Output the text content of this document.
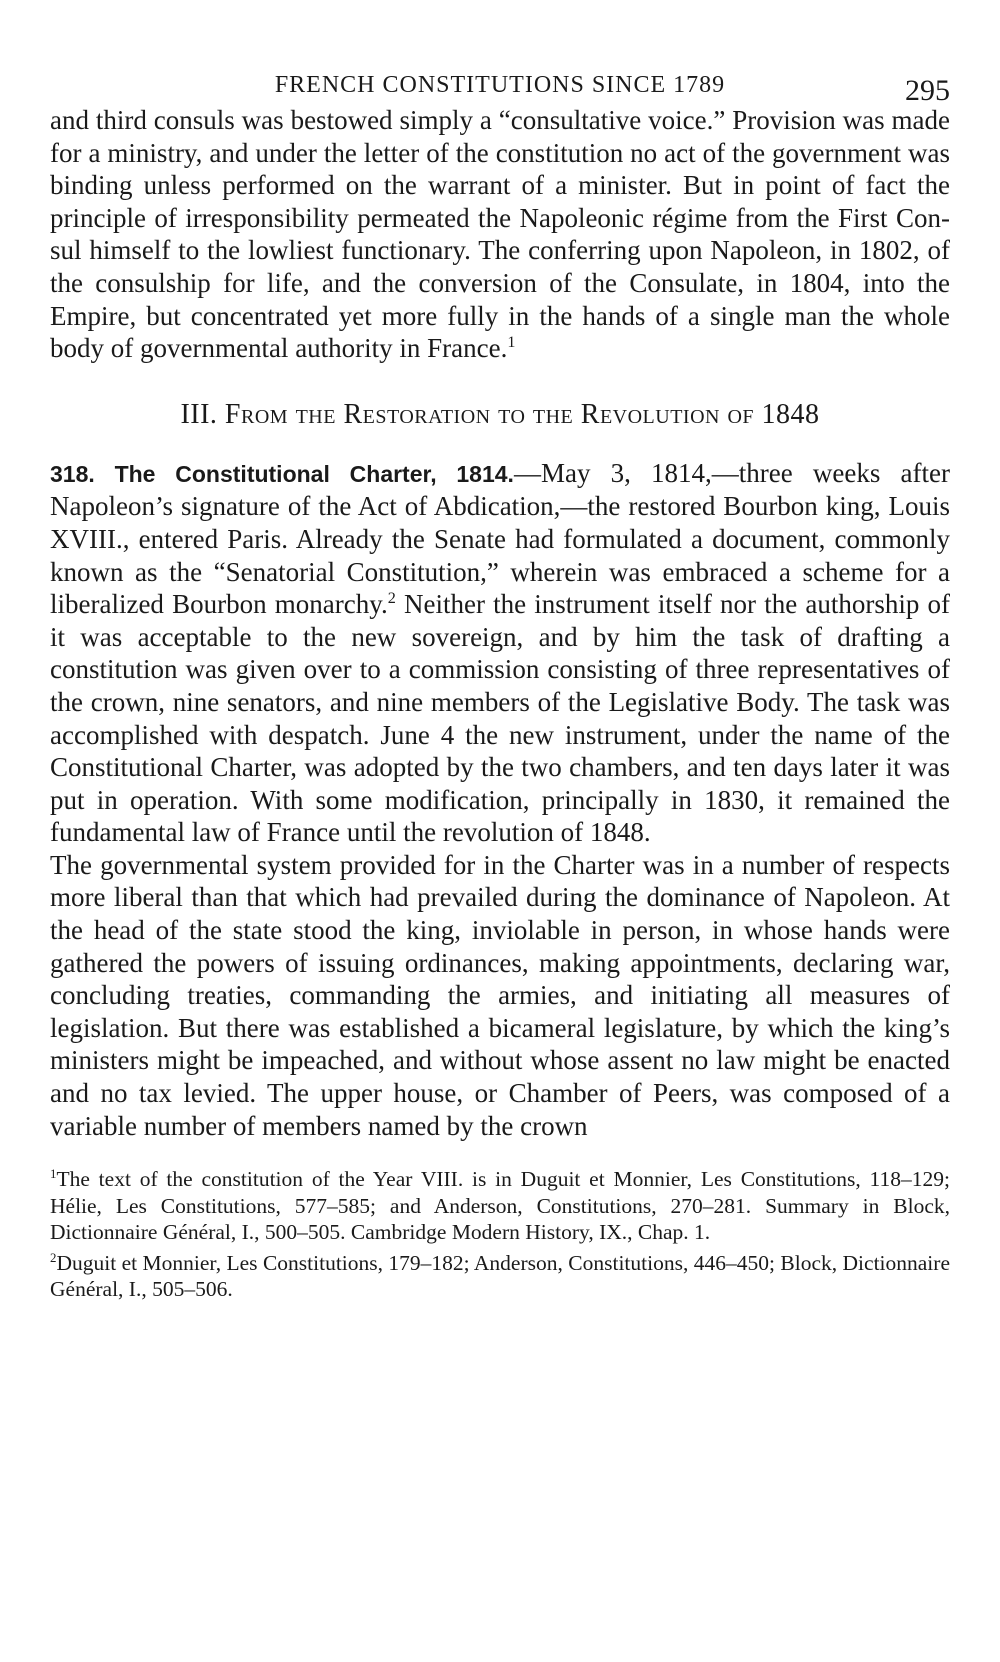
FRENCH CONSTITUTIONS SINCE 1789	295

and third consuls was bestowed simply a “consultative voice.” Provision was made for a ministry, and under the letter of the constitution no act of the government was binding unless performed on the warrant of a minister. But in point of fact the principle of irresponsibility permeated the Napoleonic régime from the First Consul himself to the lowliest functionary. The conferring upon Napoleon, in 1802, of the consulship for life, and the conversion of the Consulate, in 1804, into the Empire, but concentrated yet more fully in the hands of a single man the whole body of governmental authority in France.$^1$

III. From the Restoration to the Revolution of 1848

318. The Constitutional Charter, 1814.—May 3, 1814,—three weeks after Napoleon’s signature of the Act of Abdication,—the restored Bourbon king, Louis XVIII., entered Paris. Already the Senate had formulated a document, commonly known as the “Senatorial Constitution,” wherein was embraced a scheme for a liberalized Bourbon monarchy.$^2$ Neither the instrument itself nor the authorship of it was acceptable to the new sovereign, and by him the task of drafting a constitution was given over to a commission consisting of three representatives of the crown, nine senators, and nine members of the Legislative Body. The task was accomplished with despatch. June 4 the new instrument, under the name of the Constitutional Charter, was adopted by the two chambers, and ten days later it was put in operation. With some modification, principally in 1830, it remained the fundamental law of France until the revolution of 1848.

The governmental system provided for in the Charter was in a number of respects more liberal than that which had prevailed during the dominance of Napoleon. At the head of the state stood the king, inviolable in person, in whose hands were gathered the powers of issuing ordinances, making appointments, declaring war, concluding treaties, commanding the armies, and initiating all measures of legislation. But there was established a bicameral legislature, by which the king’s ministers might be impeached, and without whose assent no law might be enacted and no tax levied. The upper house, or Chamber of Peers, was composed of a variable number of members named by the crown

$^1$The text of the constitution of the Year VIII. is in Duguit et Monnier, Les Constitutions, 118–129; Hélie, Les Constitutions, 577–585; and Anderson, Constitutions, 270–281. Summary in Block, Dictionnaire Général, I., 500–505. Cambridge Modern History, IX., Chap. 1.

$^2$Duguit et Monnier, Les Constitutions, 179–182; Anderson, Constitutions, 446–450; Block, Dictionnaire Général, I., 505–506.
